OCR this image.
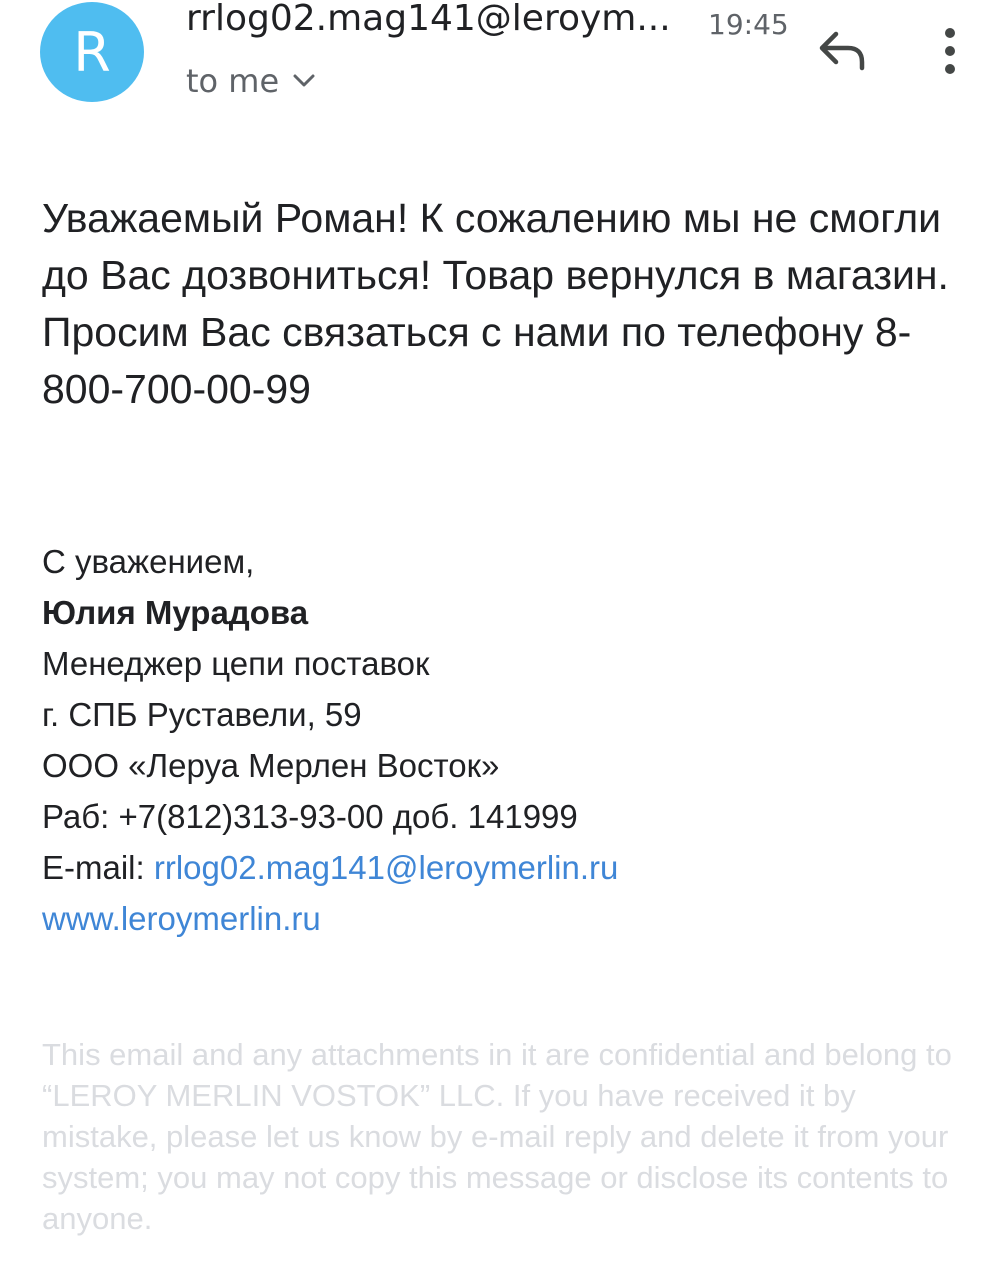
R
rrlog02.mag141@leroym... 19:45
to me

Уважаемый Роман! К сожалению мы не смогли до Вас дозвониться! Товар вернулся в магазин. Просим Вас связаться с нами по телефону 8-800-700-00-99

С уважением,
Юлия Мурадова
Менеджер цепи поставок
г. СПБ Руставели, 59
ООО «Леруа Мерлен Восток»
Раб: +7(812)313-93-00 доб. 141999
E-mail: rrlog02.mag141@leroymerlin.ru
www.leroymerlin.ru

This email and any attachments in it are confidential and belong to “LEROY MERLIN VOSTOK” LLC. If you have received it by mistake, please let us know by e-mail reply and delete it from your system; you may not copy this message or disclose its contents to anyone.
